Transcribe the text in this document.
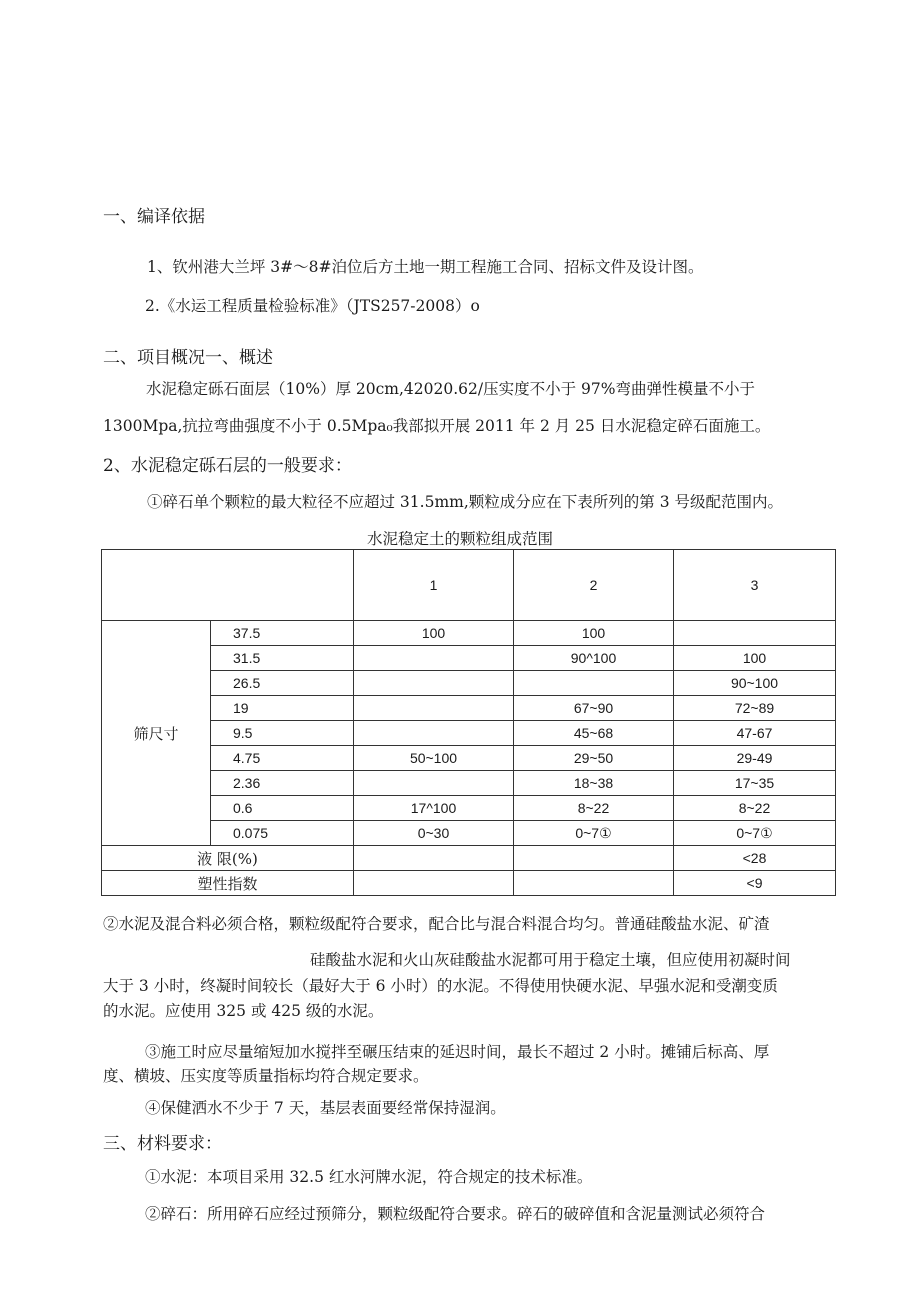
一、编译依据
1、钦州港大兰坪 3#～8#泊位后方土地一期工程施工合同、招标文件及设计图。
2.《水运工程质量检验标准》（JTS257-2008）o
二、项目概况一、概述
水泥稳定砾石面层（10%）厚 20cm,42020.62/压实度不小于 97%弯曲弹性模量不小于
1300Mpa,抗拉弯曲强度不小于 0.5Mpa₀我部拟开展 2011 年 2 月 25 日水泥稳定碎石面施工。
2、水泥稳定砾石层的一般要求：
①碎石单个颗粒的最大粒径不应超过 31.5mm,颗粒成分应在下表所列的第 3 号级配范围内。
水泥稳定土的颗粒组成范围
		1	2	3
筛尺寸	37.5	100	100	
	31.5		90^100	100
	26.5			90~100
	19		67~90	72~89
	9.5		45~68	47-67
	4.75	50~100	29~50	29-49
	2.36		18~38	17~35
	0.6	17^100	8~22	8~22
	0.075	0~30	0~7①	0~7①
液 限(%)				<28
塑性指数				<9
②水泥及混合料必须合格，颗粒级配符合要求，配合比与混合料混合均匀。普通硅酸盐水泥、矿渣
硅酸盐水泥和火山灰硅酸盐水泥都可用于稳定土壤，但应使用初凝时间
大于 3 小时，终凝时间较长（最好大于 6 小时）的水泥。不得使用快硬水泥、早强水泥和受潮变质
的水泥。应使用 325 或 425 级的水泥。
③施工时应尽量缩短加水搅拌至碾压结束的延迟时间，最长不超过 2 小时。摊铺后标高、厚
度、横坡、压实度等质量指标均符合规定要求。
④保健洒水不少于 7 天，基层表面要经常保持湿润。
三、材料要求：
①水泥：本项目采用 32.5 红水河牌水泥，符合规定的技术标准。
②碎石：所用碎石应经过预筛分，颗粒级配符合要求。碎石的破碎值和含泥量测试必须符合
